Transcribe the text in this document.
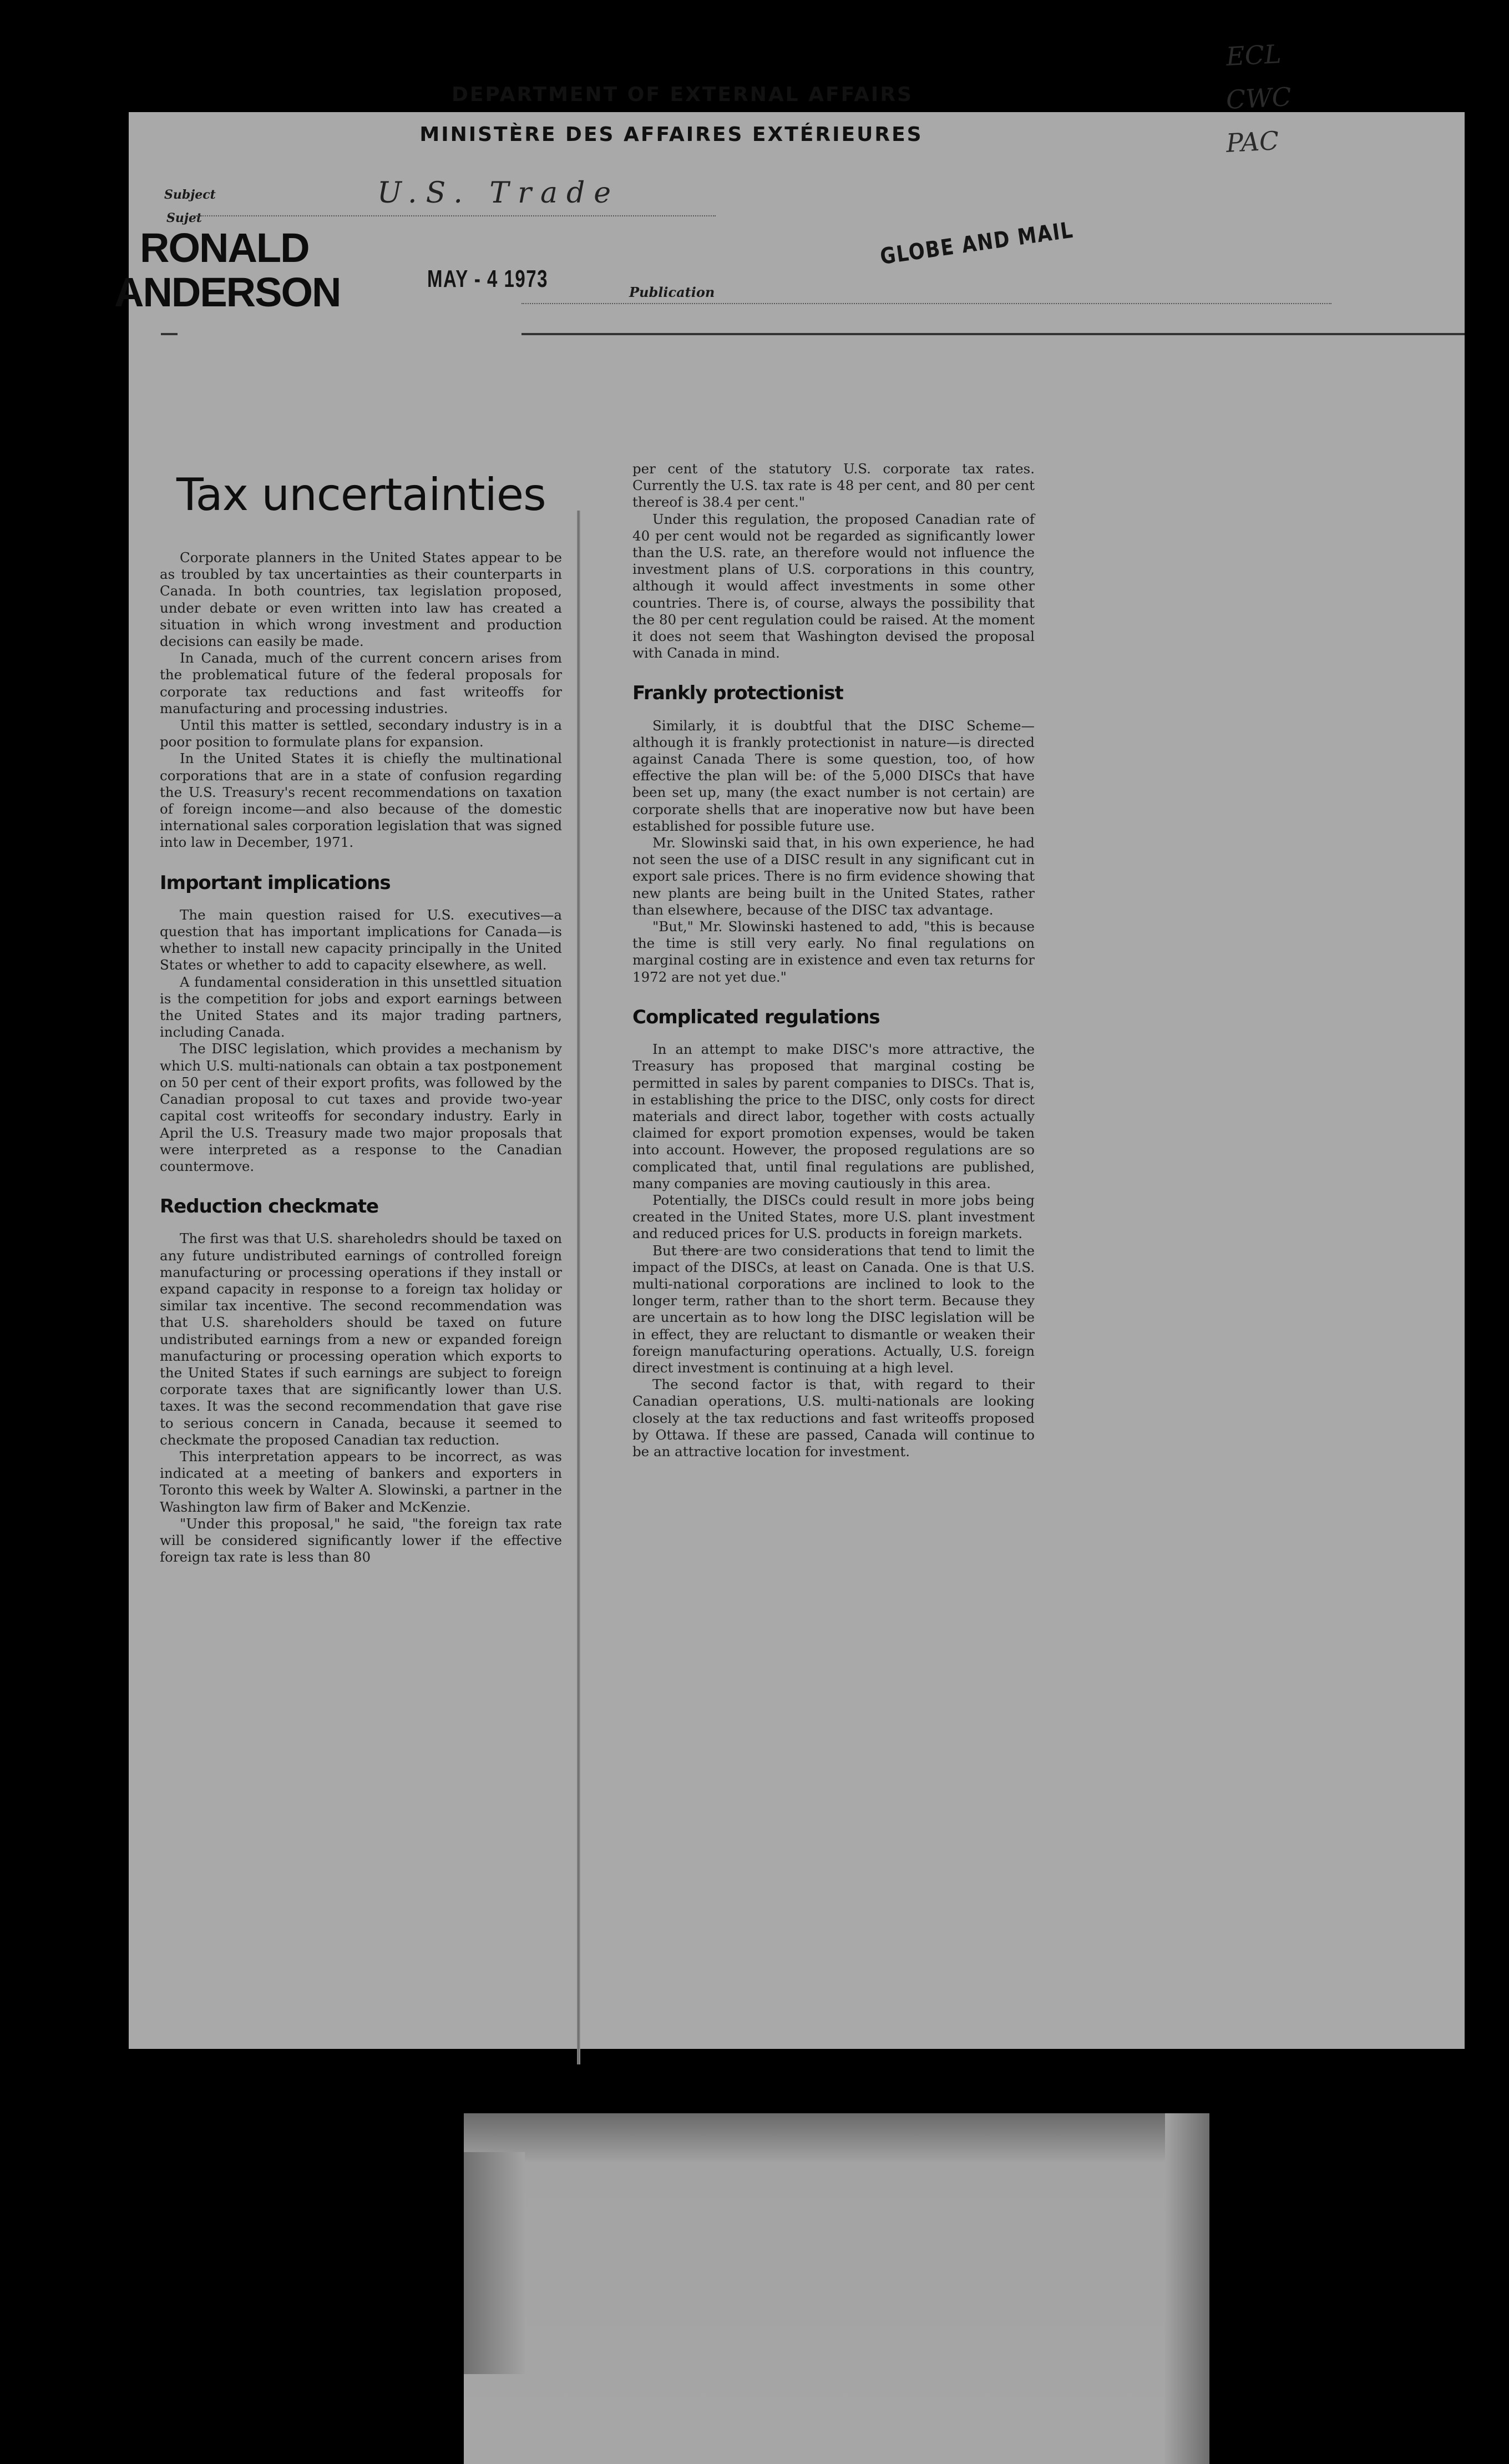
DEPARTMENT OF EXTERNAL AFFAIRS
MINISTÈRE DES AFFAIRES EXTÉRIEURES
ECL
CWC
PAC
Subject
Sujet
U.S. Trade
MAY - 4 1973	Publication
GLOBE AND MAIL
RONALD
ANDERSON
Tax uncertainties

Corporate planners in the United States appear to be as troubled by tax uncertainties as their counterparts in Canada. In both countries, tax legislation proposed, under debate or even written into law has created a situation in which wrong investment and production decisions can easily be made.

In Canada, much of the current concern arises from the problematical future of the federal proposals for corporate tax reductions and fast writeoffs for manufacturing and processing industries.

Until this matter is settled, secondary industry is in a poor position to formulate plans for expansion.

In the United States it is chiefly the multinational corporations that are in a state of confusion regarding the U.S. Treasury's recent recommendations on taxation of foreign income—and also because of the domestic international sales corporation legislation that was signed into law in December, 1971.

Important implications

The main question raised for U.S. executives—a question that has important implications for Canada—is whether to install new capacity principally in the United States or whether to add to capacity elsewhere, as well.

A fundamental consideration in this unsettled situation is the competition for jobs and export earnings between the United States and its major trading partners, including Canada.

The DISC legislation, which provides a mechanism by which U.S. multi-nationals can obtain a tax postponement on 50 per cent of their export profits, was followed by the Canadian proposal to cut taxes and provide two-year capital cost writeoffs for secondary industry. Early in April the U.S. Treasury made two major proposals that were interpreted as a response to the Canadian countermove.

Reduction checkmate

The first was that U.S. shareholedrs should be taxed on any future undistributed earnings of controlled foreign manufacturing or processing operations if they install or expand capacity in response to a foreign tax holiday or similar tax incentive. The second recommendation was that U.S. shareholders should be taxed on future undistributed earnings from a new or expanded foreign manufacturing or processing operation which exports to the United States if such earnings are subject to foreign corporate taxes that are significantly lower than U.S. taxes. It was the second recommendation that gave rise to serious concern in Canada, because it seemed to checkmate the proposed Canadian tax reduction.

This interpretation appears to be incorrect, as was indicated at a meeting of bankers and exporters in Toronto this week by Walter A. Slowinski, a partner in the Washington law firm of Baker and McKenzie.

"Under this proposal," he said, "the foreign tax rate will be considered significantly lower if the effective foreign tax rate is less than 80

per cent of the statutory U.S. corporate tax rates. Currently the U.S. tax rate is 48 per cent, and 80 per cent thereof is 38.4 per cent."

Under this regulation, the proposed Canadian rate of 40 per cent would not be regarded as significantly lower than the U.S. rate, an therefore would not influence the investment plans of U.S. corporations in this country, although it would affect investments in some other countries. There is, of course, always the possibility that the 80 per cent regulation could be raised. At the moment it does not seem that Washington devised the proposal with Canada in mind.

Frankly protectionist

Similarly, it is doubtful that the DISC Scheme—although it is frankly protectionist in nature—is directed against Canada There is some question, too, of how effective the plan will be: of the 5,000 DISCs that have been set up, many (the exact number is not certain) are corporate shells that are inoperative now but have been established for possible future use.

Mr. Slowinski said that, in his own experience, he had not seen the use of a DISC result in any significant cut in export sale prices. There is no firm evidence showing that new plants are being built in the United States, rather than elsewhere, because of the DISC tax advantage.

"But," Mr. Slowinski hastened to add, "this is because the time is still very early. No final regulations on marginal costing are in existence and even tax returns for 1972 are not yet due."

Complicated regulations

In an attempt to make DISC's more attractive, the Treasury has proposed that marginal costing be permitted in sales by parent companies to DISCs. That is, in establishing the price to the DISC, only costs for direct materials and direct labor, together with costs actually claimed for export promotion expenses, would be taken into account. However, the proposed regulations are so complicated that, until final regulations are published, many companies are moving cautiously in this area.

Potentially, the DISCs could result in more jobs being created in the United States, more U.S. plant investment and reduced prices for U.S. products in foreign markets.

But there are two considerations that tend to limit the impact of the DISCs, at least on Canada. One is that U.S. multi-national corporations are inclined to look to the longer term, rather than to the short term. Because they are uncertain as to how long the DISC legislation will be in effect, they are reluctant to dismantle or weaken their foreign manufacturing operations. Actually, U.S. foreign direct investment is continuing at a high level.

The second factor is that, with regard to their Canadian operations, U.S. multi-nationals are looking closely at the tax reductions and fast writeoffs proposed by Ottawa. If these are passed, Canada will continue to be an attractive location for investment.
